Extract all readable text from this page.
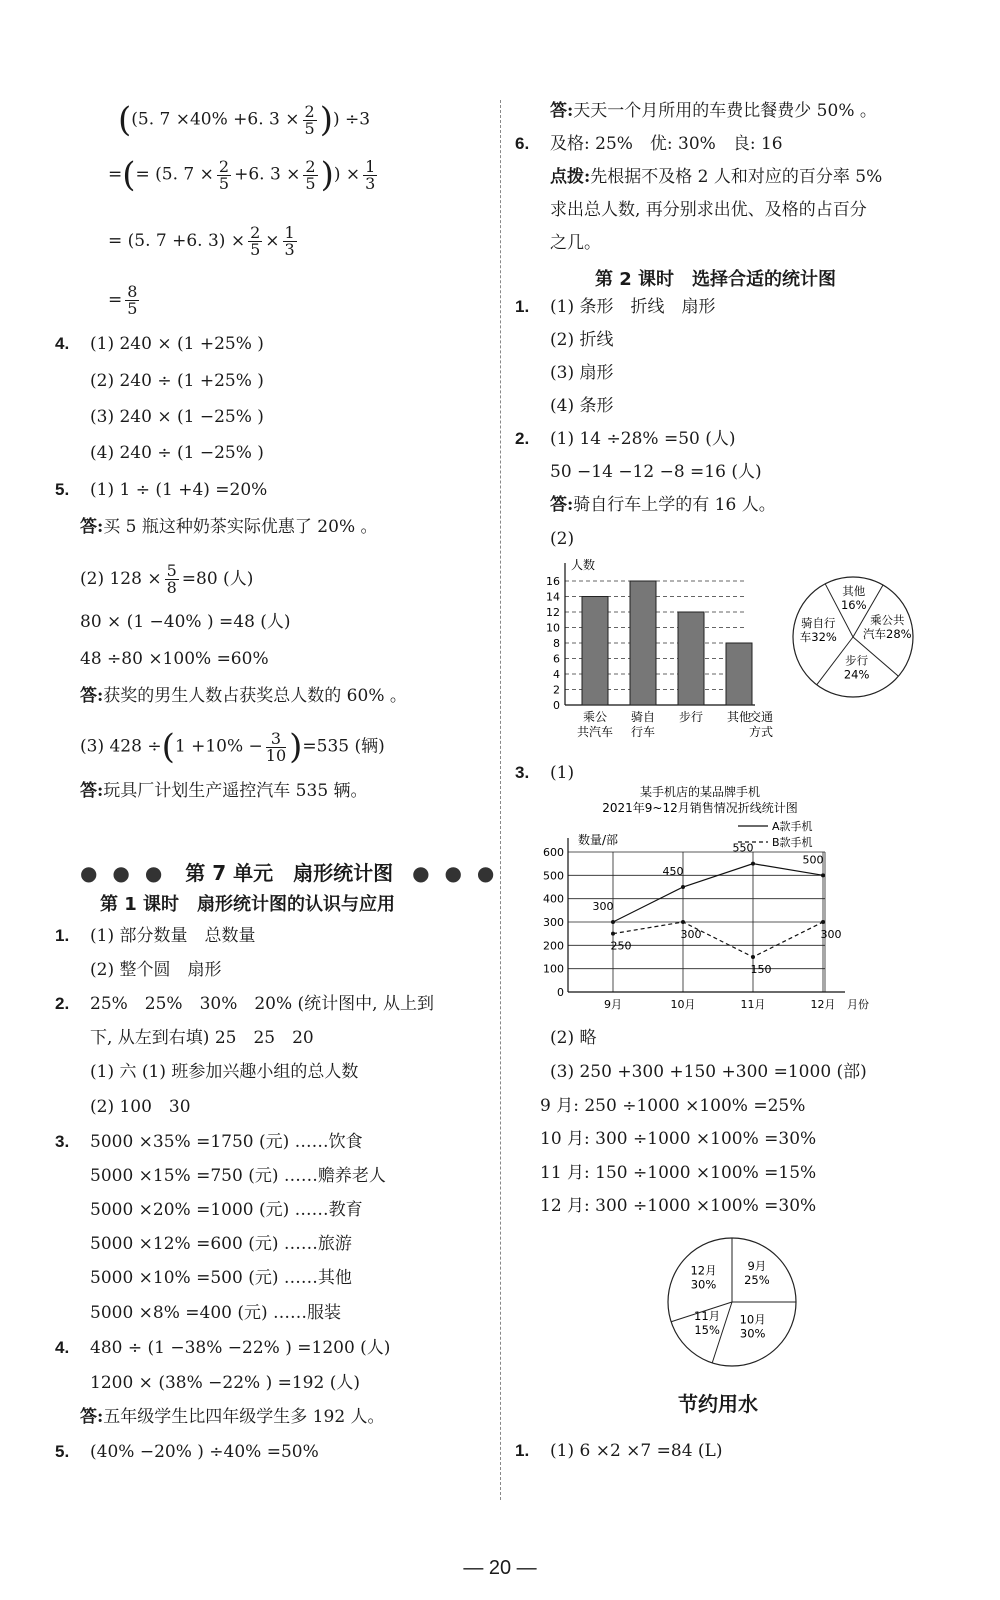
((5. 7 ×40% +6. $3 \times \frac{2}{5}$ )) ÷3
=(= (5. $7 \times \frac{2}{5} +6$. $3 \times \frac{2}{5}$ )) × $\frac{1}{3}$
= (5. 7 +6. $3) \times \frac{2}{5} \times \frac{1}{3}$
= $\frac{8}{5}$
4. (1) 240 × (1 +25% )
(2) 240 ÷ (1 +25% )
(3) 240 × (1 −25% )
(4) 240 ÷ (1 −25% )
5. (1) 1 ÷ (1 +4) =20%
答:买 5 瓶这种奶茶实际优惠了 20% 。
(2) $128 \times \frac{5}{8} =80$ (人)
80 × (1 −40% ) =48 (人)
48 ÷80 ×100% =60%
答:获奖的男生人数占获奖总人数的 60% 。
(3) $428 \div(1 +10\% - \frac{3}{10} )=535$ (辆)
答:玩具厂计划生产遥控汽车 535 辆。
● ● ● 第 7 单元　扇形统计图 ● ● ●
第 1 课时　扇形统计图的认识与应用
1. (1) 部分数量　总数量
(2) 整个圆　扇形
2. 25%　25%　30%　20% (统计图中, 从上到
下, 从左到右填) 25　25　20
(1) 六 (1) 班参加兴趣小组的总人数
(2) 100　30
3. 5000 ×35% =1750 (元) ……饮食
5000 ×15% =750 (元) ……赡养老人
5000 ×20% =1000 (元) ……教育
5000 ×12% =600 (元) ……旅游
5000 ×10% =500 (元) ……其他
5000 ×8% =400 (元) ……服装
4. 480 ÷ (1 −38% −22% ) =1200 (人)
1200 × (38% −22% ) =192 (人)
答:五年级学生比四年级学生多 192 人。
5. (40% −20% ) ÷40% =50%
答:天天一个月所用的车费比餐费少 50% 。
6. 及格: 25%　优: 30%　良: 16
点拨:先根据不及格 2 人和对应的百分率 5%
求出总人数, 再分别求出优、及格的占百分
之几。
第 2 课时　选择合适的统计图
1. (1) 条形　折线　扇形
(2) 折线
(3) 扇形
(4) 条形
2. (1) 14 ÷28% =50 (人)
50 −14 −12 −8 =16 (人)
答:骑自行车上学的有 16 人。
(2)
0
2
4
6
8
10
12
14
16
人数
乘公
共汽车
骑自
行车
步行 其他
交通
方式
乘公共
汽车28%
步行
24%
骑自行
车32%
其他
16%
3. (1)
某手机店的某品牌手机
2021年9~12月销售情况折线统计图
数量/部
0
100
200
300
400
500
600
9月	10月	11月	12月 月份
300
450
550
500
A款手机
250
300
150
300
B款手机
(2) 略
(3) 250 +300 +150 +300 =1000 (部)
9 月: 250 ÷1000 ×100% =25%
10 月: 300 ÷1000 ×100% =30%
11 月: 150 ÷1000 ×100% =15%
12 月: 300 ÷1000 ×100% =30%
9月
25%
10月
30%
11月
15%
12月
30%
节约用水
1. (1) 6 ×2 ×7 =84 (L)
— 20 —
